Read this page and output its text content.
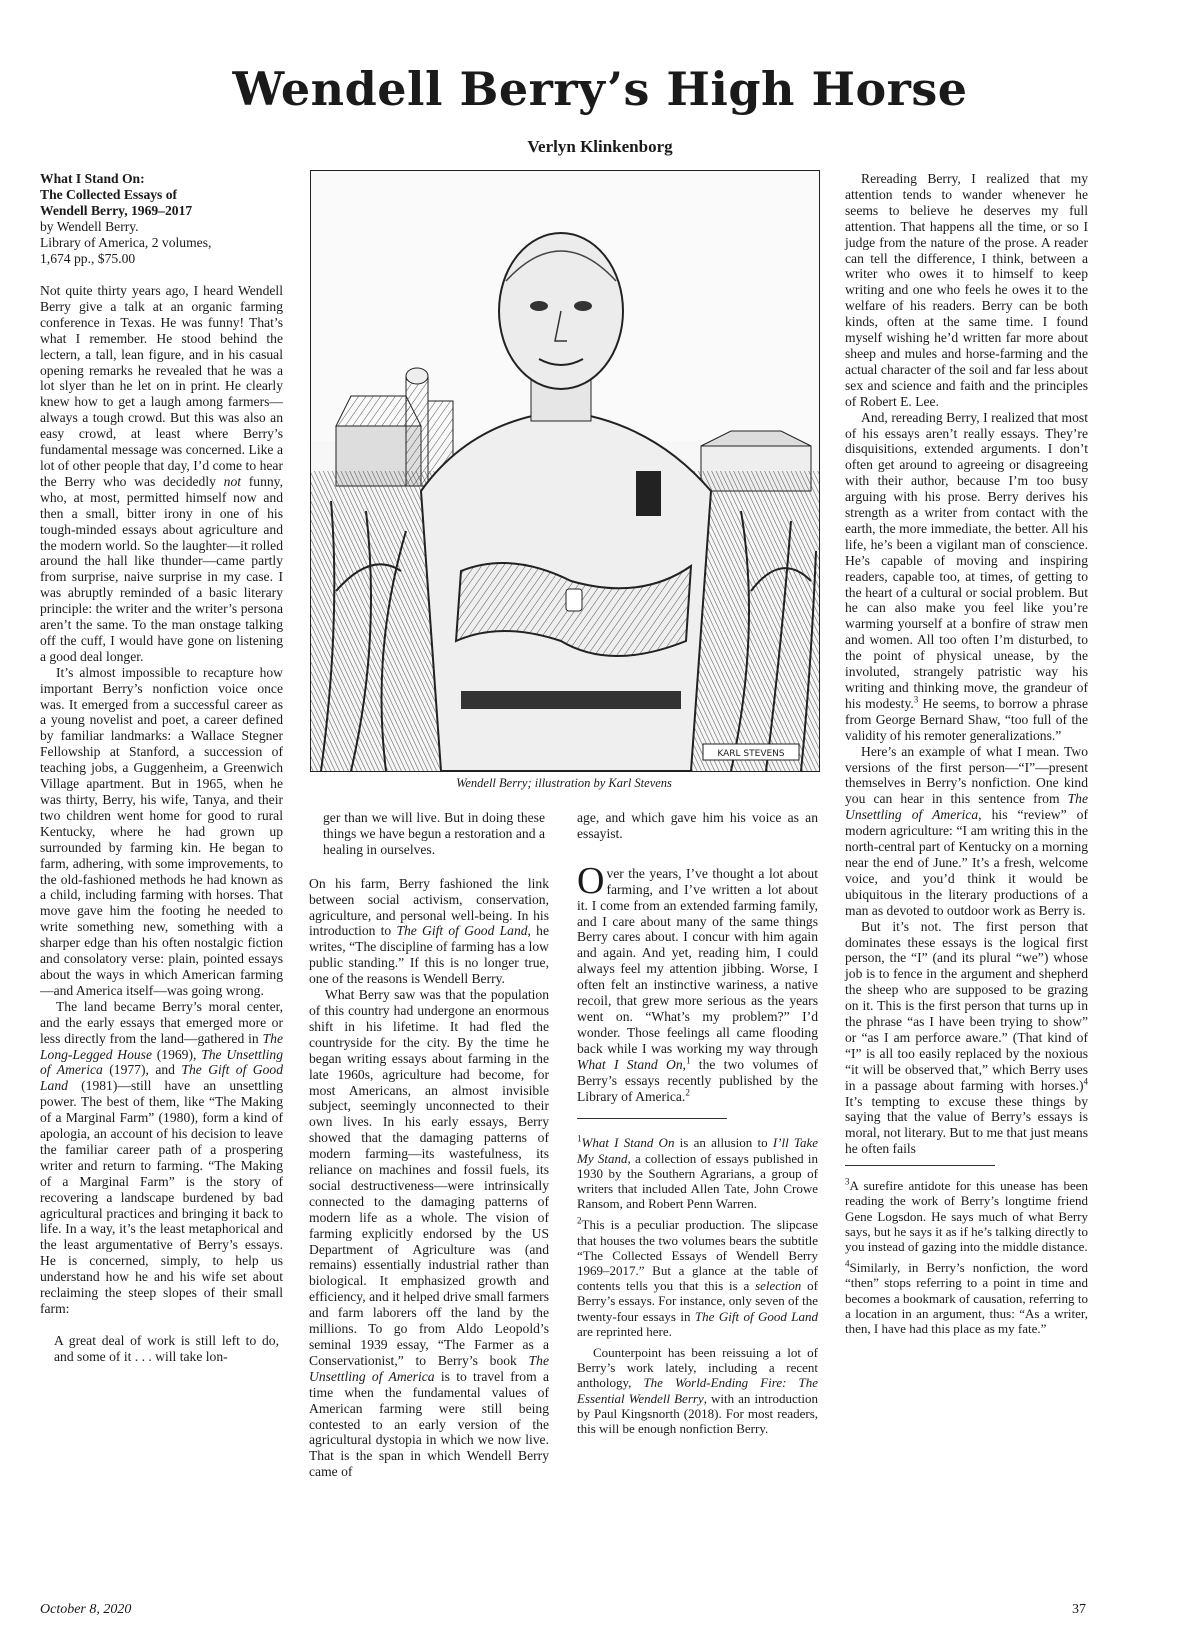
Wendell Berry’s High Horse
Verlyn Klinkenborg
What I Stand On:
The Collected Essays of
Wendell Berry, 1969–2017
by Wendell Berry.
Library of America, 2 volumes,
1,674 pp., $75.00

Not quite thirty years ago, I heard Wendell Berry give a talk at an organic farming conference in Texas. He was funny! That’s what I remember. He stood behind the lectern, a tall, lean figure, and in his casual opening remarks he revealed that he was a lot slyer than he let on in print. He clearly knew how to get a laugh among farmers—always a tough crowd. But this was also an easy crowd, at least where Berry’s fundamental message was concerned. Like a lot of other people that day, I’d come to hear the Berry who was decidedly not funny, who, at most, permitted himself now and then a small, bitter irony in one of his tough-minded essays about agriculture and the modern world. So the laughter—it rolled around the hall like thunder—came partly from surprise, naive surprise in my case. I was abruptly reminded of a basic literary principle: the writer and the writer’s persona aren’t the same. To the man onstage talking off the cuff, I would have gone on listening a good deal longer.

It’s almost impossible to recapture how important Berry’s nonfiction voice once was. It emerged from a successful career as a young novelist and poet, a career defined by familiar landmarks: a Wallace Stegner Fellowship at Stanford, a succession of teaching jobs, a Guggenheim, a Greenwich Village apartment. But in 1965, when he was thirty, Berry, his wife, Tanya, and their two children went home for good to rural Kentucky, where he had grown up surrounded by farming kin. He began to farm, adhering, with some improvements, to the old-fashioned methods he had known as a child, including farming with horses. That move gave him the footing he needed to write something new, something with a sharper edge than his often nostalgic fiction and consolatory verse: plain, pointed essays about the ways in which American farming—and America itself—was going wrong.

The land became Berry’s moral center, and the early essays that emerged more or less directly from the land—gathered in The Long-Legged House (1969), The Unsettling of America (1977), and The Gift of Good Land (1981)—still have an unsettling power. The best of them, like “The Making of a Marginal Farm” (1980), form a kind of apologia, an account of his decision to leave the familiar career path of a prospering writer and return to farming. “The Making of a Marginal Farm” is the story of recovering a landscape burdened by bad agricultural practices and bringing it back to life. In a way, it’s the least metaphorical and the least argumentative of Berry’s essays. He is concerned, simply, to help us understand how he and his wife set about reclaiming the steep slopes of their small farm:

A great deal of work is still left to do, and some of it . . . will take lon-

KARL STEVENS
Wendell Berry; illustration by Karl Stevens

ger than we will live. But in doing these things we have begun a restoration and a healing in ourselves.

On his farm, Berry fashioned the link between social activism, conservation, agriculture, and personal well-being. In his introduction to The Gift of Good Land, he writes, “The discipline of farming has a low public standing.” If this is no longer true, one of the reasons is Wendell Berry.

What Berry saw was that the population of this country had undergone an enormous shift in his lifetime. It had fled the countryside for the city. By the time he began writing essays about farming in the late 1960s, agriculture had become, for most Americans, an almost invisible subject, seemingly unconnected to their own lives. In his early essays, Berry showed that the damaging patterns of modern farming—its wastefulness, its reliance on machines and fossil fuels, its social destructiveness—were intrinsically connected to the damaging patterns of modern life as a whole. The vision of farming explicitly endorsed by the US Department of Agriculture was (and remains) essentially industrial rather than biological. It emphasized growth and efficiency, and it helped drive small farmers and farm laborers off the land by the millions. To go from Aldo Leopold’s seminal 1939 essay, “The Farmer as a Conservationist,” to Berry’s book The Unsettling of America is to travel from a time when the fundamental values of American farming were still being contested to an early version of the agricultural dystopia in which we now live. That is the span in which Wendell Berry came of

age, and which gave him his voice as an essayist.

Over the years, I’ve thought a lot about farming, and I’ve written a lot about it. I come from an extended farming family, and I care about many of the same things Berry cares about. I concur with him again and again. And yet, reading him, I could always feel my attention jibbing. Worse, I often felt an instinctive wariness, a native recoil, that grew more serious as the years went on. “What’s my problem?” I’d wonder. Those feelings all came flooding back while I was working my way through What I Stand On,$^1$ the two volumes of Berry’s essays recently published by the Library of America.$^2$

$^1$What I Stand On is an allusion to I’ll Take My Stand, a collection of essays published in 1930 by the Southern Agrarians, a group of writers that included Allen Tate, John Crowe Ransom, and Robert Penn Warren.

$^2$This is a peculiar production. The slipcase that houses the two volumes bears the subtitle “The Collected Essays of Wendell Berry 1969–2017.” But a glance at the table of contents tells you that this is a selection of Berry’s essays. For instance, only seven of the twenty-four essays in The Gift of Good Land are reprinted here.

Counterpoint has been reissuing a lot of Berry’s work lately, including a recent anthology, The World-Ending Fire: The Essential Wendell Berry, with an introduction by Paul Kingsnorth (2018). For most readers, this will be enough nonfiction Berry.

Rereading Berry, I realized that my attention tends to wander whenever he seems to believe he deserves my full attention. That happens all the time, or so I judge from the nature of the prose. A reader can tell the difference, I think, between a writer who owes it to himself to keep writing and one who feels he owes it to the welfare of his readers. Berry can be both kinds, often at the same time. I found myself wishing he’d written far more about sheep and mules and horse-farming and the actual character of the soil and far less about sex and science and faith and the principles of Robert E. Lee.

And, rereading Berry, I realized that most of his essays aren’t really essays. They’re disquisitions, extended arguments. I don’t often get around to agreeing or disagreeing with their author, because I’m too busy arguing with his prose. Berry derives his strength as a writer from contact with the earth, the more immediate, the better. All his life, he’s been a vigilant man of conscience. He’s capable of moving and inspiring readers, capable too, at times, of getting to the heart of a cultural or social problem. But he can also make you feel like you’re warming yourself at a bonfire of straw men and women. All too often I’m disturbed, to the point of physical unease, by the involuted, strangely patristic way his writing and thinking move, the grandeur of his modesty.$^3$ He seems, to borrow a phrase from George Bernard Shaw, “too full of the validity of his remoter generalizations.”

Here’s an example of what I mean. Two versions of the first person—“I”—present themselves in Berry’s nonfiction. One kind you can hear in this sentence from The Unsettling of America, his “review” of modern agriculture: “I am writing this in the north-central part of Kentucky on a morning near the end of June.” It’s a fresh, welcome voice, and you’d think it would be ubiquitous in the literary productions of a man as devoted to outdoor work as Berry is.

But it’s not. The first person that dominates these essays is the logical first person, the “I” (and its plural “we”) whose job is to fence in the argument and shepherd the sheep who are supposed to be grazing on it. This is the first person that turns up in the phrase “as I have been trying to show” or “as I am perforce aware.” (That kind of “I” is all too easily replaced by the noxious “it will be observed that,” which Berry uses in a passage about farming with horses.)$^4$ It’s tempting to excuse these things by saying that the value of Berry’s essays is moral, not literary. But to me that just means he often fails

$^3$A surefire antidote for this unease has been reading the work of Berry’s longtime friend Gene Logsdon. He says much of what Berry says, but he says it as if he’s talking directly to you instead of gazing into the middle distance.

$^4$Similarly, in Berry’s nonfiction, the word “then” stops referring to a point in time and becomes a bookmark of causation, referring to a location in an argument, thus: “As a writer, then, I have had this place as my fate.”

October 8, 2020	37
